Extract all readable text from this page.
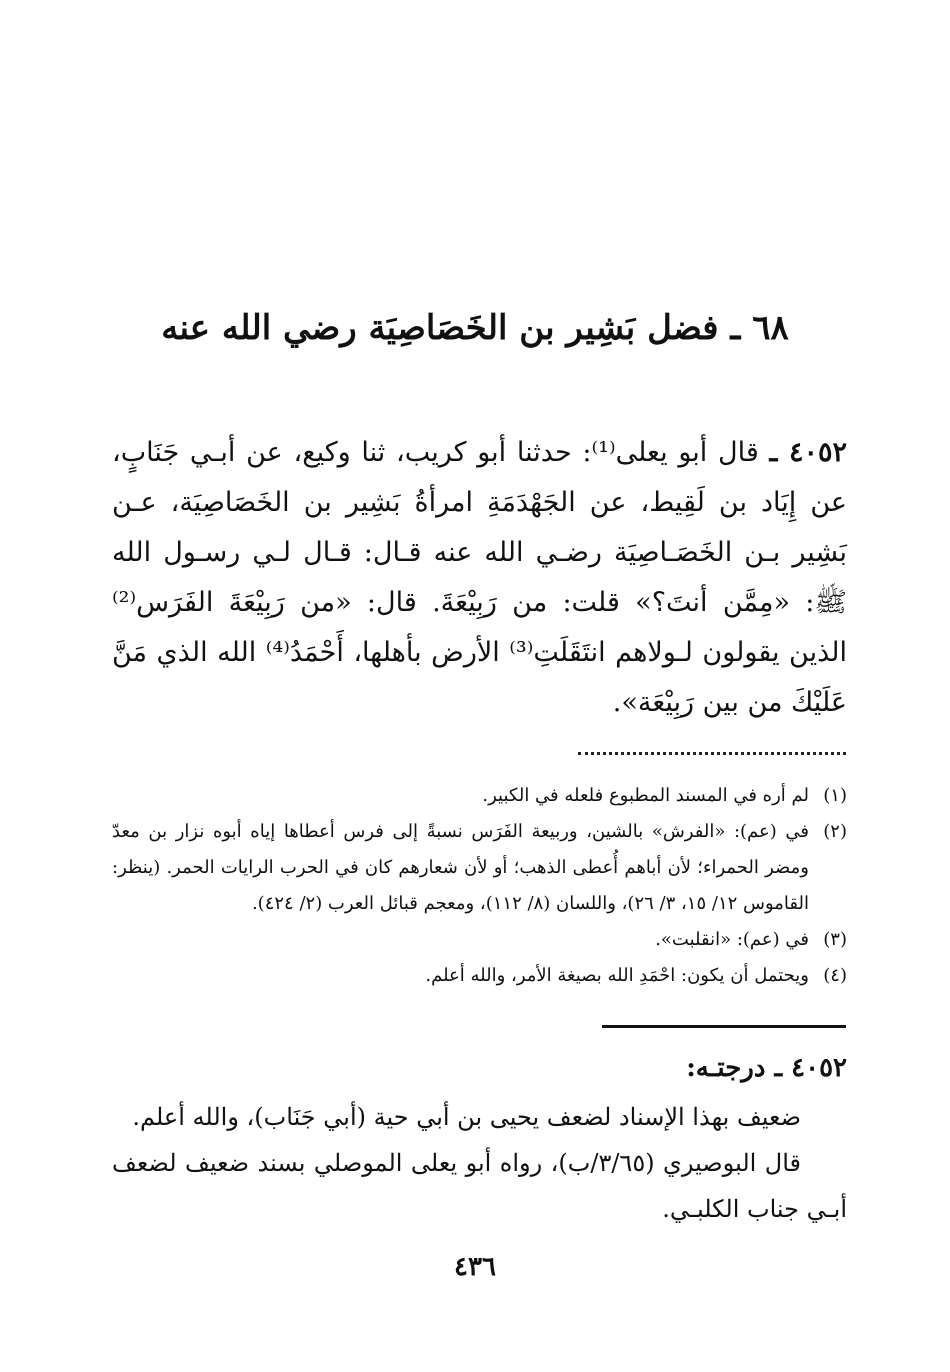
٦٨ ـ فضل بَشِير بن الخَصَاصِيَة رضي الله عنه
٤٠٥٢ ـ قال أبو يعلى⁽¹⁾: حدثنا أبو كريب، ثنا وكيع، عن أبـي جَنَابٍ، عن إِيَاد بن لَقِيط، عن الجَهْدَمَةِ امرأةُ بَشِير بن الخَصَاصِيَة، عـن بَشِير بـن الخَصَـاصِيَة رضـي الله عنه قـال: قـال لـي رسـول الله ﷺ: «مِمَّن أنتَ؟» قلت: من رَبِيْعَةَ. قال: «من رَبِيْعَةَ الفَرَس⁽²⁾ الذين يقولون لـولاهم انتَقَلَتِ⁽³⁾ الأرض بأهلها، أَحْمَدُ⁽⁴⁾ الله الذي مَنَّ عَلَيْكَ من بين رَبِيْعَة».
(١)
لم أره في المسند المطبوع فلعله في الكبير.
(٢)
في (عم): «الفرش» بالشين، وربيعة الفَرَس نسبةً إلى فرس أعطاها إياه أبوه نزار بن معدّ ومضر الحمراء؛ لأن أباهم أُعطى الذهب؛ أو لأن شعارهم كان في الحرب الرايات الحمر. (ينظر: القاموس ١٢/ ١٥، ٣/ ٢٦)، واللسان (٨/ ١١٢)، ومعجم قبائل العرب (٢/ ٤٢٤).
(٣)
في (عم): «انقلبت».
(٤)
ويحتمل أن يكون: احْمَدِ الله بصيغة الأمر، والله أعلم.
٤٠٥٢ ـ درجتـه:
ضعيف بهذا الإسناد لضعف يحيى بن أبي حية (أبي جَنَاب)، والله أعلم.
قال البوصيري (٣/٦٥/ب)، رواه أبو يعلى الموصلي بسند ضعيف لضعف أبـي جناب الكلبـي.
٤٣٦
